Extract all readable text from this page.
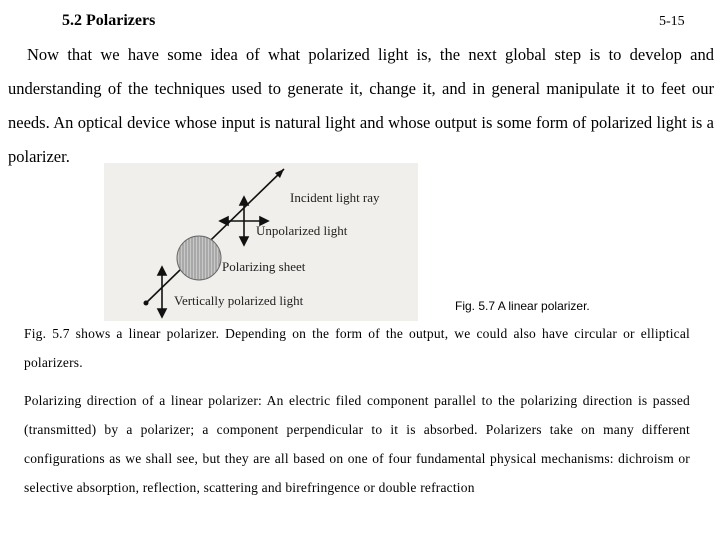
5.2 Polarizers	5-15
Now that we have some idea of what polarized light is, the next global step is to develop and understanding of the techniques used to generate it, change it, and in general manipulate it to feet our needs. An optical device whose input is natural light and whose output is some form of polarized light is a polarizer.
Incident light ray
Unpolarized light
Polarizing sheet
Vertically polarized light	Fig. 5.7 A linear polarizer.
Fig. 5.7 shows a linear polarizer. Depending on the form of the output, we could also have circular or elliptical polarizers.
Polarizing direction of a linear polarizer: An electric filed component parallel to the polarizing direction is passed (transmitted) by a polarizer; a component perpendicular to it is absorbed. Polarizers take on many different configurations as we shall see, but they are all based on one of four fundamental physical mechanisms: dichroism or selective absorption, reflection, scattering and birefringence or double refraction
